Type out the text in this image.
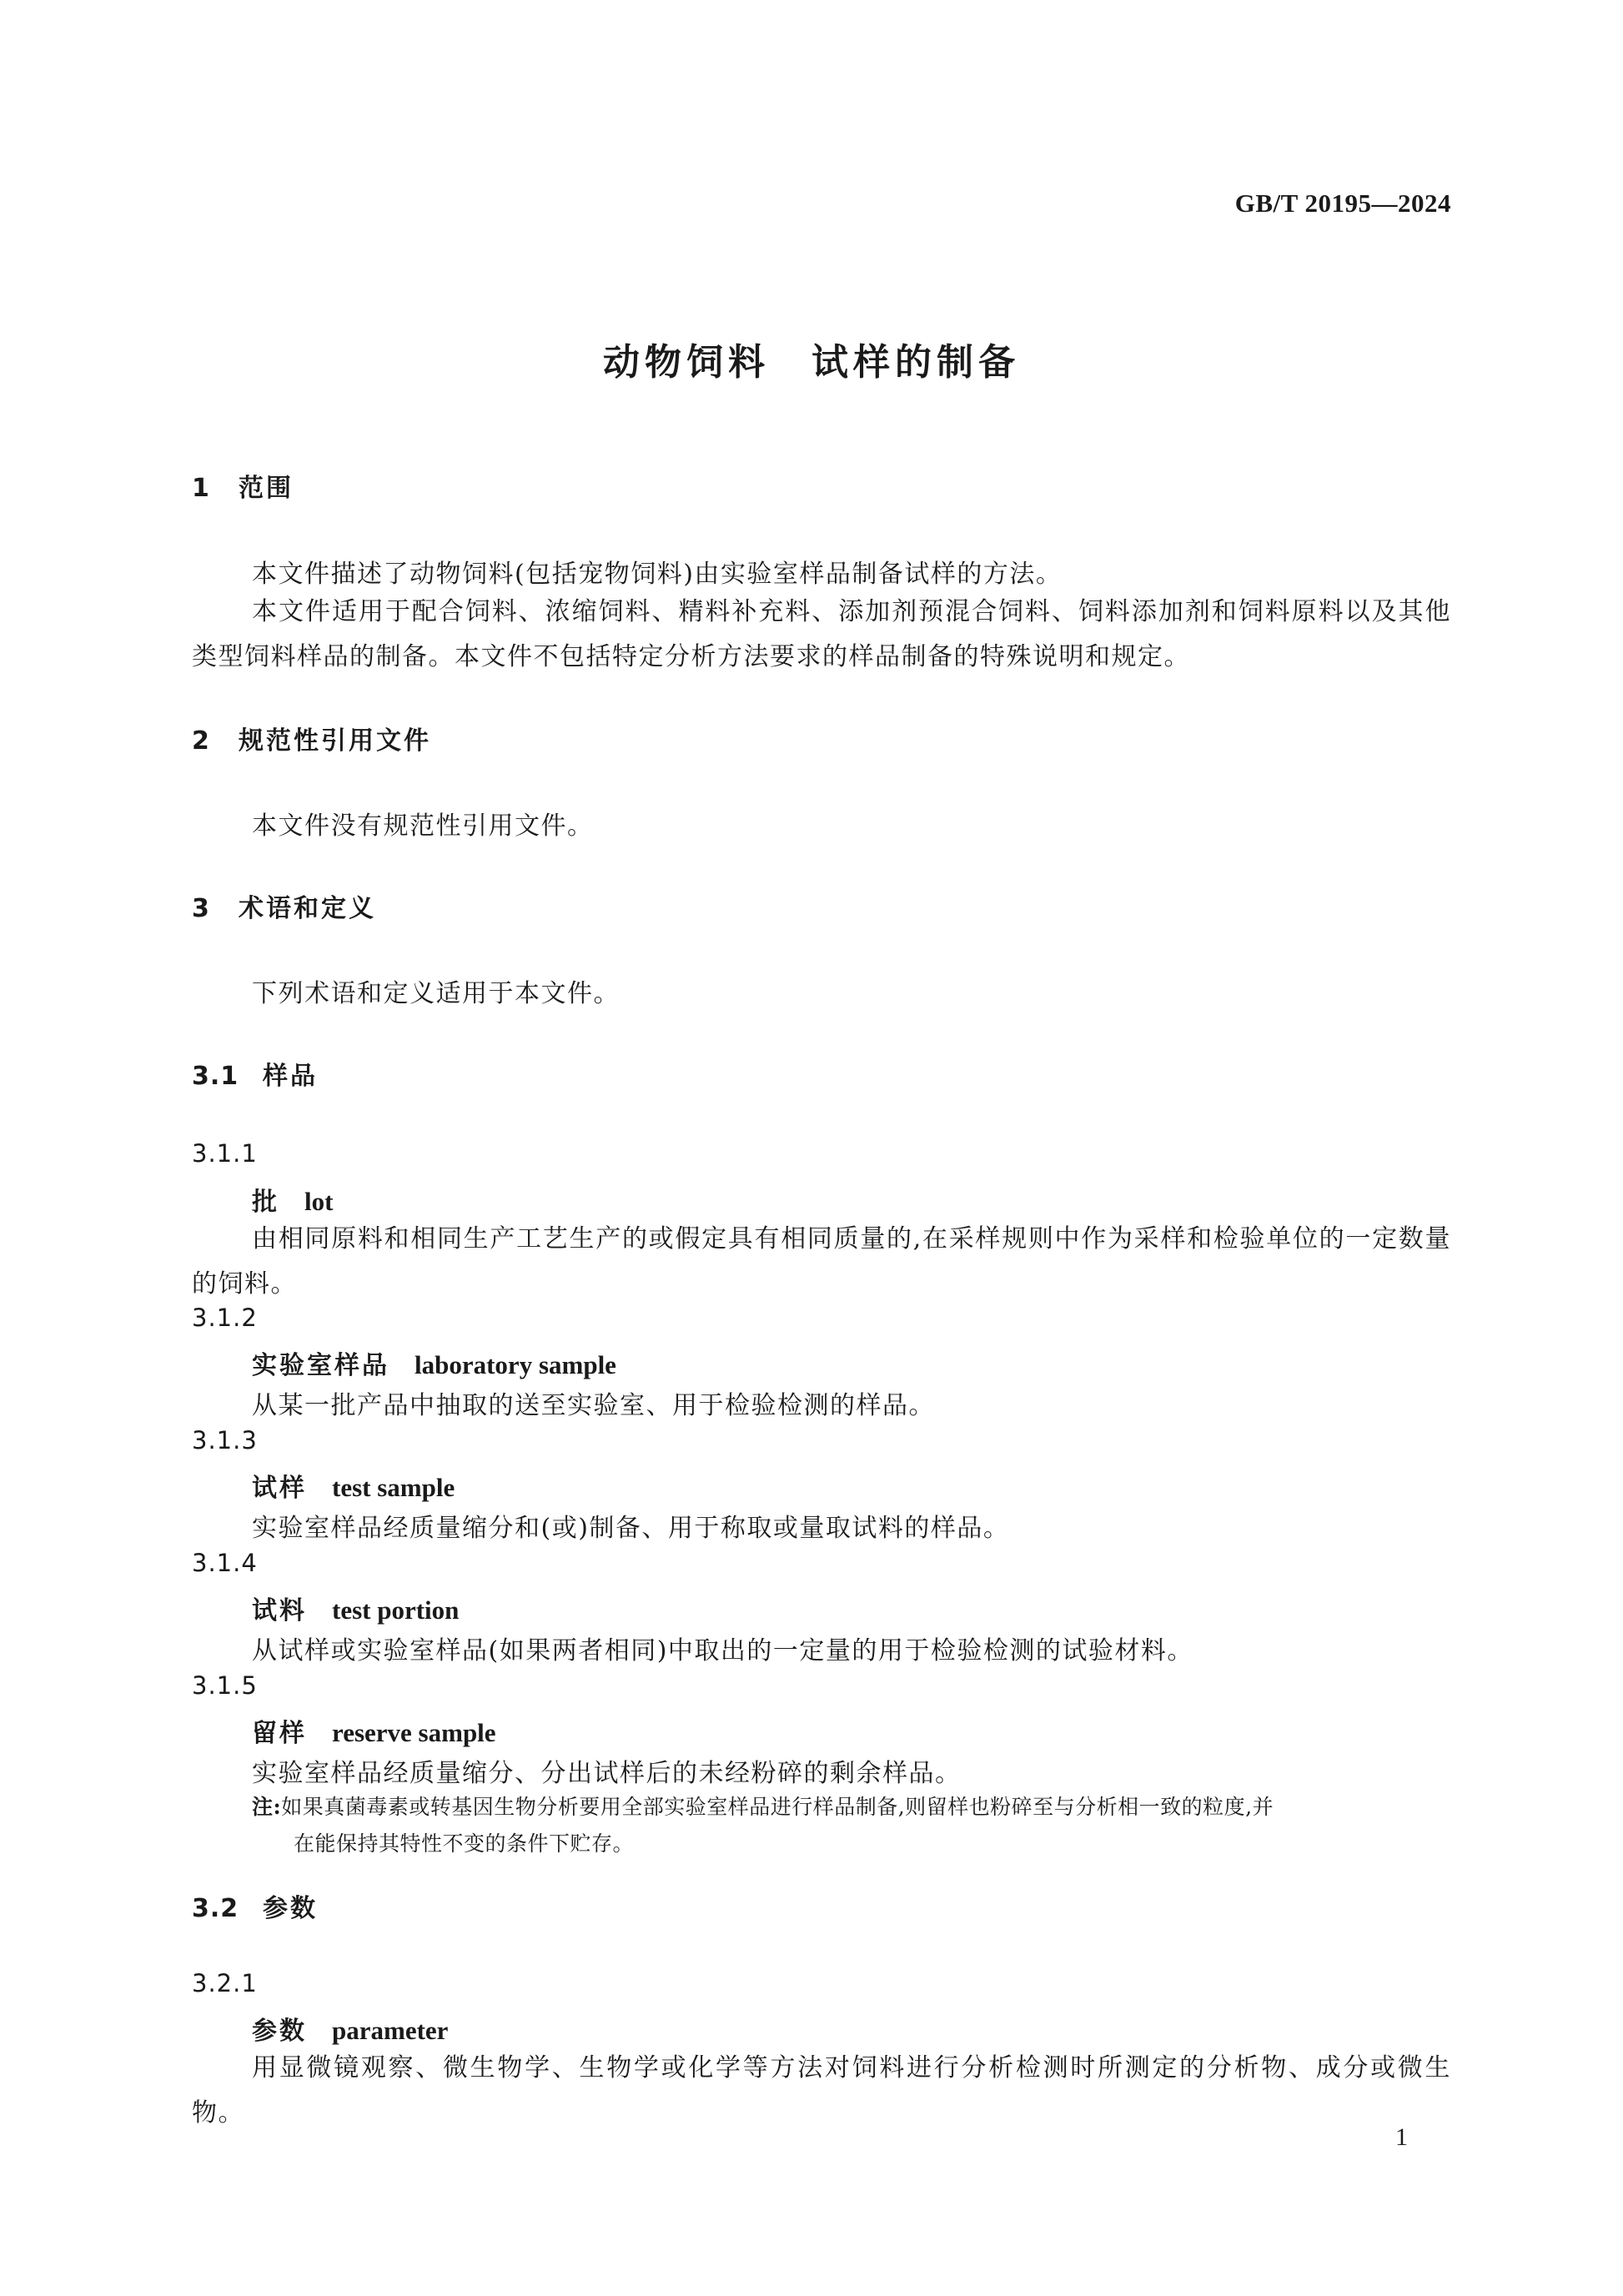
GB/T 20195—2024
动物饲料　试样的制备
1 范围
本文件描述了动物饲料(包括宠物饲料)由实验室样品制备试样的方法。
本文件适用于配合饲料、浓缩饲料、精料补充料、添加剂预混合饲料、饲料添加剂和饲料原料以及其他类型饲料样品的制备。本文件不包括特定分析方法要求的样品制备的特殊说明和规定。
2 规范性引用文件
本文件没有规范性引用文件。
3 术语和定义
下列术语和定义适用于本文件。
3.1 样品
3.1.1
批 lot
由相同原料和相同生产工艺生产的或假定具有相同质量的,在采样规则中作为采样和检验单位的一定数量的饲料。
3.1.2
实验室样品 laboratory sample
从某一批产品中抽取的送至实验室、用于检验检测的样品。
3.1.3
试样 test sample
实验室样品经质量缩分和(或)制备、用于称取或量取试料的样品。
3.1.4
试料 test portion
从试样或实验室样品(如果两者相同)中取出的一定量的用于检验检测的试验材料。
3.1.5
留样 reserve sample
实验室样品经质量缩分、分出试样后的未经粉碎的剩余样品。
注:如果真菌毒素或转基因生物分析要用全部实验室样品进行样品制备,则留样也粉碎至与分析相一致的粒度,并
在能保持其特性不变的条件下贮存。
3.2 参数
3.2.1
参数 parameter
用显微镜观察、微生物学、生物学或化学等方法对饲料进行分析检测时所测定的分析物、成分或微生物。
1
